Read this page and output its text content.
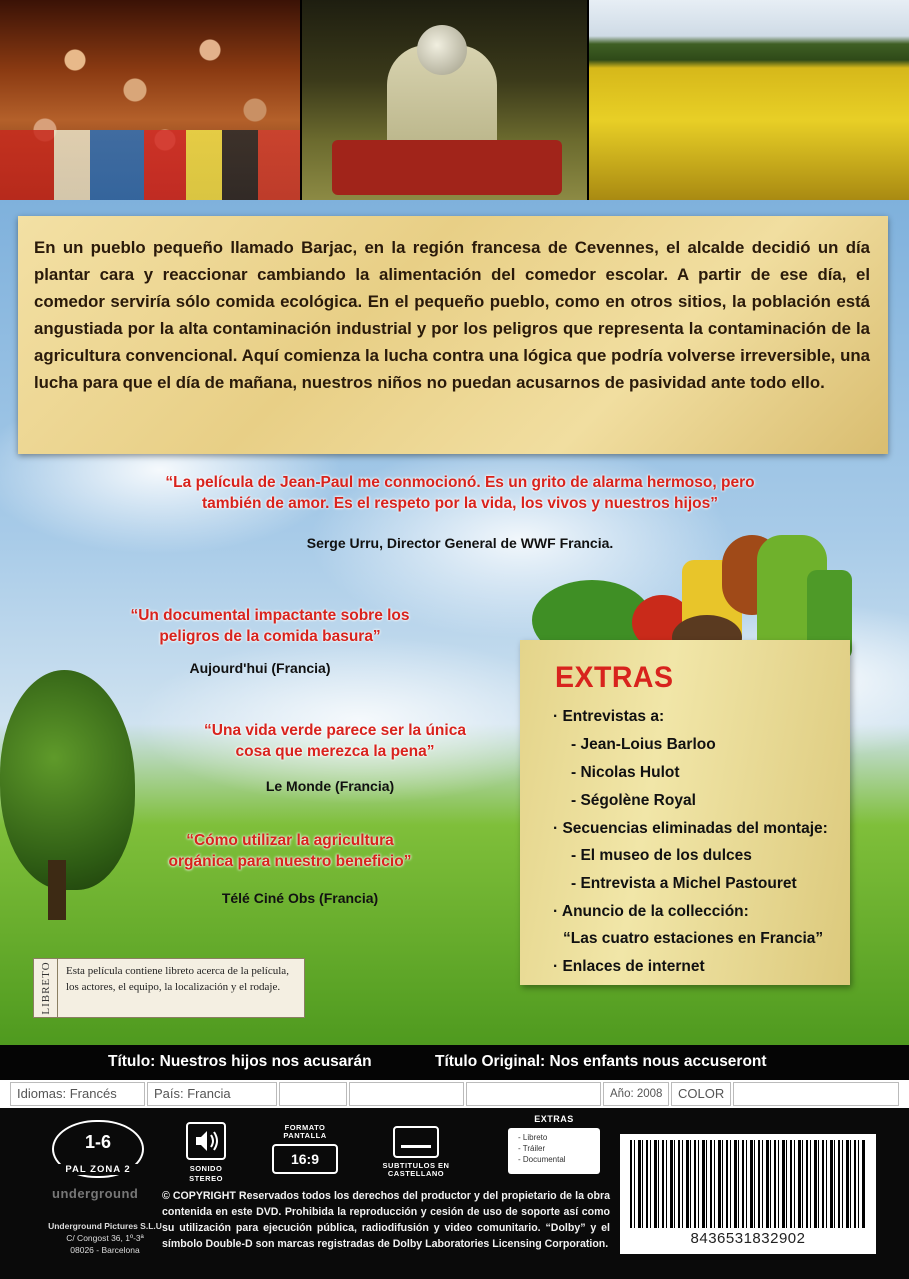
En un pueblo pequeño llamado Barjac, en la región francesa de Cevennes, el alcalde decidió un día plantar cara y reaccionar cambiando la alimentación del comedor escolar. A partir de ese día, el comedor serviría sólo comida ecológica. En el pequeño pueblo, como en otros sitios, la población está angustiada por la alta contaminación industrial y por los peligros que representa la contaminación de la agricultura convencional. Aquí comienza la lucha contra una lógica que podría volverse irreversible, una lucha para que el día de mañana, nuestros niños no puedan acusarnos de pasividad ante todo ello.

“La película de Jean-Paul me conmocionó. Es un grito de alarma hermoso, pero
también de amor. Es el respeto por la vida, los vivos y nuestros hijos”
Serge Urru, Director General de WWF Francia.
“Un documental impactante sobre los
peligros de la comida basura”
Aujourd'hui (Francia)
“Una vida verde parece ser la única
cosa que merezca la pena”
Le Monde (Francia)
“Cómo utilizar la agricultura
orgánica para nuestro beneficio”
Télé Ciné Obs (Francia)
EXTRAS
· Entrevistas a:
- Jean-Loius Barloo
- Nicolas Hulot
- Ségolène Royal
· Secuencias eliminadas del montaje:
- El museo de los dulces
- Entrevista a Michel Pastouret
· Anuncio de la collección:
“Las cuatro estaciones en Francia”
· Enlaces de internet
LIBRETO Esta película contiene libreto acerca de la película, los actores, el equipo, la localización y el rodaje.
Título: Nuestros hijos nos acusarán	Título Original: Nos enfants nous accuseront
Idiomas: Francés	País: Francia	Año: 2008	COLOR
1-6
PAL ZONA 2	SONIDO
STEREO
FORMATO PANTALLA
16:9	SUBTITULOS EN CASTELLANO
EXTRAS
- Libreto
- Tráiler
- Documental
underground
Underground Pictures S.L.U
C/ Congost 36, 1º-3ª
08026 - Barcelona
© COPYRIGHT Reservados todos los derechos del productor y del propietario de la obra contenida en este DVD. Prohibida la reproducción y cesión de uso de soporte así como su utilización para ejecución pública, radiodifusión y video comunitario. “Dolby” y el símbolo Double-D son marcas registradas de Dolby Laboratories Licensing Corporation.	8436531832902
